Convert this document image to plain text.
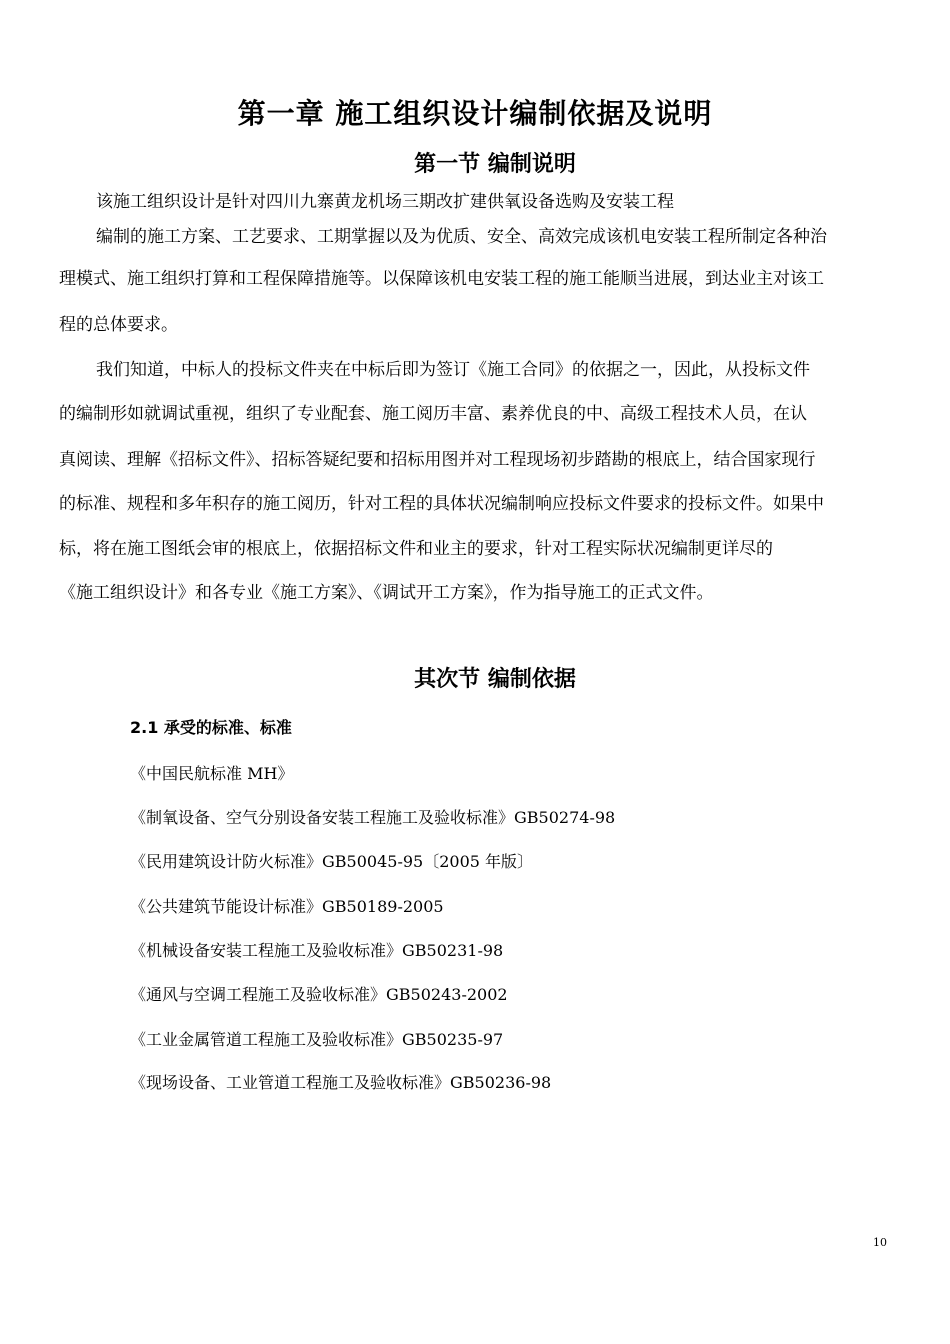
第一章 施工组织设计编制依据及说明
第一节 编制说明
该施工组织设计是针对四川九寨黄龙机场三期改扩建供氧设备选购及安装工程
编制的施工方案、工艺要求、工期掌握以及为优质、安全、高效完成该机电安装工程所制定各种治
理模式、施工组织打算和工程保障措施等。以保障该机电安装工程的施工能顺当进展，到达业主对该工
程的总体要求。
我们知道，中标人的投标文件夹在中标后即为签订《施工合同》的依据之一，因此，从投标文件
的编制形如就调试重视，组织了专业配套、施工阅历丰富、素养优良的中、高级工程技术人员，在认
真阅读、理解《招标文件》、招标答疑纪要和招标用图并对工程现场初步踏勘的根底上，结合国家现行
的标准、规程和多年积存的施工阅历，针对工程的具体状况编制响应投标文件要求的投标文件。如果中
标，将在施工图纸会审的根底上，依据招标文件和业主的要求，针对工程实际状况编制更详尽的
《施工组织设计》和各专业《施工方案》、《调试开工方案》，作为指导施工的正式文件。
其次节 编制依据
2.1 承受的标准、标准
《中国民航标准 MH》
《制氧设备、空气分别设备安装工程施工及验收标准》GB50274-98
《民用建筑设计防火标准》GB50045-95〔2005 年版〕
《公共建筑节能设计标准》GB50189-2005
《机械设备安装工程施工及验收标准》GB50231-98
《通风与空调工程施工及验收标准》GB50243-2002
《工业金属管道工程施工及验收标准》GB50235-97
《现场设备、工业管道工程施工及验收标准》GB50236-98
10
